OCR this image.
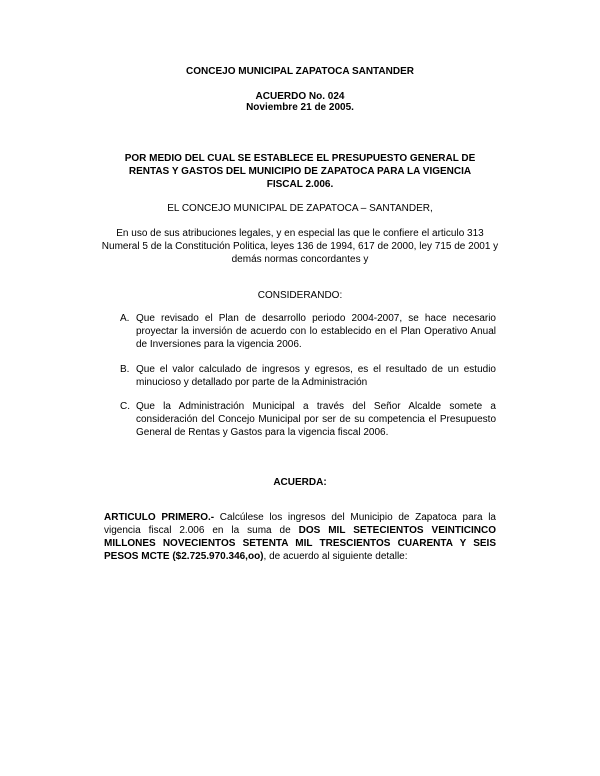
CONCEJO MUNICIPAL ZAPATOCA SANTANDER
ACUERDO No. 024
Noviembre 21 de 2005.
POR MEDIO DEL CUAL SE ESTABLECE EL PRESUPUESTO GENERAL DE RENTAS Y GASTOS DEL MUNICIPIO DE ZAPATOCA PARA LA VIGENCIA FISCAL 2.006.
EL CONCEJO MUNICIPAL DE ZAPATOCA – SANTANDER,
En uso de sus atribuciones legales, y en especial las que le confiere el articulo 313 Numeral 5 de la Constitución Politica, leyes 136 de 1994, 617 de 2000, ley 715 de 2001 y demás normas concordantes y
CONSIDERANDO:
A. Que revisado el Plan de desarrollo periodo 2004-2007, se hace necesario proyectar la inversión de acuerdo con lo establecido en el Plan Operativo Anual de Inversiones para la vigencia 2006.
B. Que el valor calculado de ingresos y egresos, es el resultado de un estudio minucioso y detallado por parte de la Administración
C. Que la Administración Municipal a través del Señor Alcalde somete a consideración del Concejo Municipal por ser de su competencia el Presupuesto General de Rentas y Gastos para la vigencia fiscal 2006.
ACUERDA:
ARTICULO PRIMERO.- Calcúlese los ingresos del Municipio de Zapatoca para la vigencia fiscal 2.006 en la suma de DOS MIL SETECIENTOS VEINTICINCO MILLONES NOVECIENTOS SETENTA MIL TRESCIENTOS CUARENTA Y SEIS PESOS MCTE ($2.725.970.346,oo), de acuerdo al siguiente detalle:
